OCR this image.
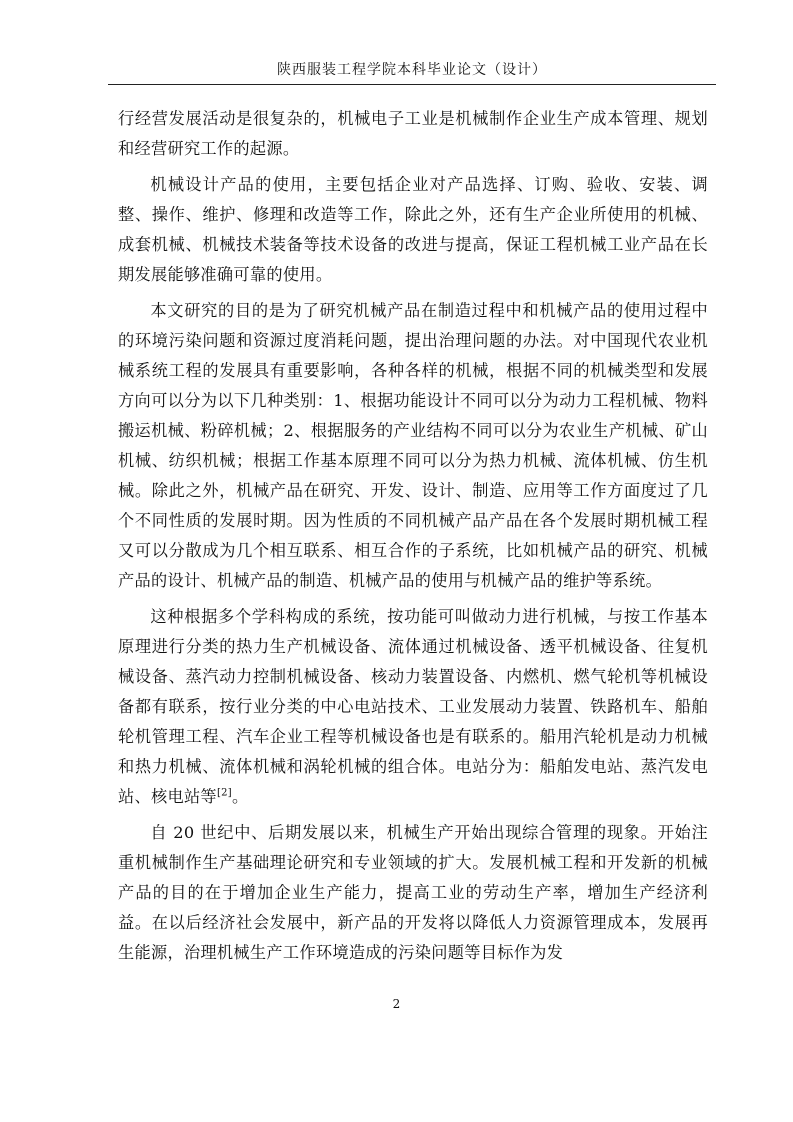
陕西服装工程学院本科毕业论文（设计）

行经营发展活动是很复杂的，机械电子工业是机械制作企业生产成本管理、规划和经营研究工作的起源。

机械设计产品的使用，主要包括企业对产品选择、订购、验收、安装、调整、操作、维护、修理和改造等工作，除此之外，还有生产企业所使用的机械、成套机械、机械技术装备等技术设备的改进与提高，保证工程机械工业产品在长期发展能够准确可靠的使用。

本文研究的目的是为了研究机械产品在制造过程中和机械产品的使用过程中的环境污染问题和资源过度消耗问题，提出治理问题的办法。对中国现代农业机械系统工程的发展具有重要影响，各种各样的机械，根据不同的机械类型和发展方向可以分为以下几种类别：1、根据功能设计不同可以分为动力工程机械、物料搬运机械、粉碎机械；2、根据服务的产业结构不同可以分为农业生产机械、矿山机械、纺织机械；根据工作基本原理不同可以分为热力机械、流体机械、仿生机械。除此之外，机械产品在研究、开发、设计、制造、应用等工作方面度过了几个不同性质的发展时期。因为性质的不同机械产品产品在各个发展时期机械工程又可以分散成为几个相互联系、相互合作的子系统，比如机械产品的研究、机械产品的设计、机械产品的制造、机械产品的使用与机械产品的维护等系统。

这种根据多个学科构成的系统，按功能可叫做动力进行机械，与按工作基本原理进行分类的热力生产机械设备、流体通过机械设备、透平机械设备、往复机械设备、蒸汽动力控制机械设备、核动力装置设备、内燃机、燃气轮机等机械设备都有联系，按行业分类的中心电站技术、工业发展动力装置、铁路机车、船舶轮机管理工程、汽车企业工程等机械设备也是有联系的。船用汽轮机是动力机械和热力机械、流体机械和涡轮机械的组合体。电站分为：船舶发电站、蒸汽发电站、核电站等[2]。

自 20 世纪中、后期发展以来，机械生产开始出现综合管理的现象。开始注重机械制作生产基础理论研究和专业领域的扩大。发展机械工程和开发新的机械产品的目的在于增加企业生产能力，提高工业的劳动生产率，增加生产经济利益。在以后经济社会发展中，新产品的开发将以降低人力资源管理成本，发展再生能源，治理机械生产工作环境造成的污染问题等目标作为发

2
